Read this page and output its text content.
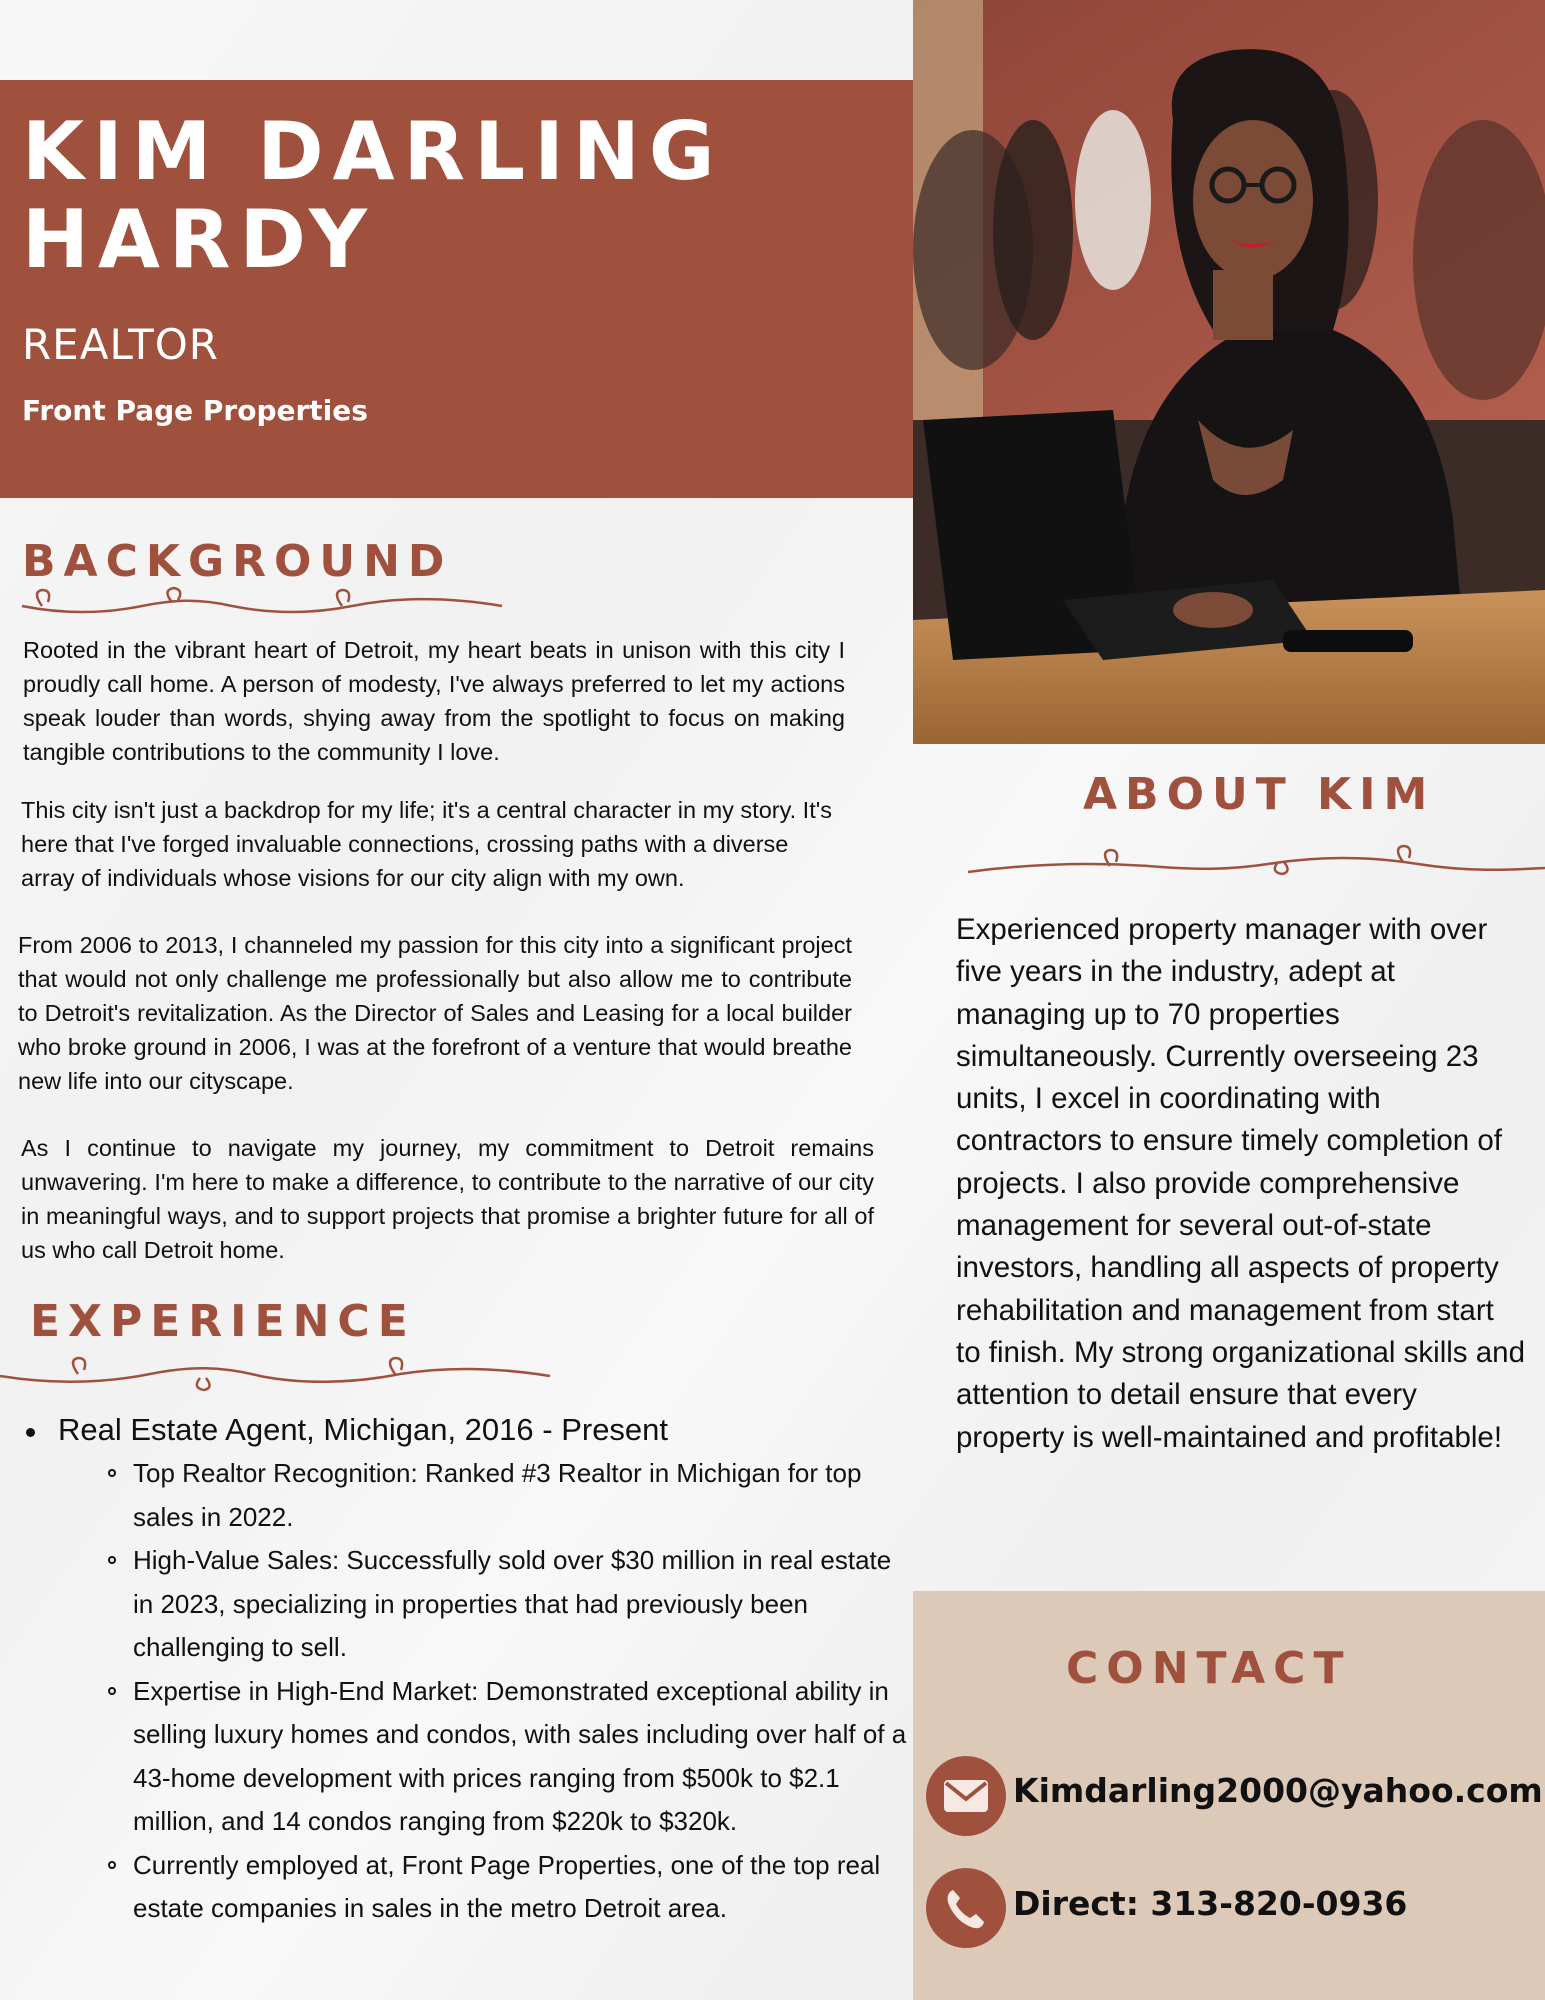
KIM DARLING
HARDY

REALTOR

Front Page Properties

BACKGROUND

Rooted in the vibrant heart of Detroit, my heart beats in unison with this city I proudly call home. A person of modesty, I've always preferred to let my actions speak louder than words, shying away from the spotlight to focus on making tangible contributions to the community I love.

This city isn't just a backdrop for my life; it's a central character in my story. It's here that I've forged invaluable connections, crossing paths with a diverse array of individuals whose visions for our city align with my own.

From 2006 to 2013, I channeled my passion for this city into a significant project that would not only challenge me professionally but also allow me to contribute to Detroit's revitalization. As the Director of Sales and Leasing for a local builder who broke ground in 2006, I was at the forefront of a venture that would breathe new life into our cityscape.

As I continue to navigate my journey, my commitment to Detroit remains unwavering. I'm here to make a difference, to contribute to the narrative of our city in meaningful ways, and to support projects that promise a brighter future for all of us who call Detroit home.

EXPERIENCE
Real Estate Agent, Michigan, 2016 - Present
Top Realtor Recognition: Ranked #3 Realtor in Michigan for top sales in 2022.
High-Value Sales: Successfully sold over $30 million in real estate in 2023, specializing in properties that had previously been challenging to sell.
Expertise in High-End Market: Demonstrated exceptional ability in selling luxury homes and condos, with sales including over half of a 43-home development with prices ranging from $500k to $2.1 million, and 14 condos ranging from $220k to $320k.
Currently employed at, Front Page Properties, one of the top real estate companies in sales in the metro Detroit area.
ABOUT KIM

Experienced property manager with over five years in the industry, adept at managing up to 70 properties simultaneously. Currently overseeing 23 units, I excel in coordinating with contractors to ensure timely completion of projects. I also provide comprehensive management for several out-of-state investors, handling all aspects of property rehabilitation and management from start to finish. My strong organizational skills and attention to detail ensure that every property is well-maintained and profitable!

CONTACT

Kimdarling2000@yahoo.com

Direct: 313-820-0936
